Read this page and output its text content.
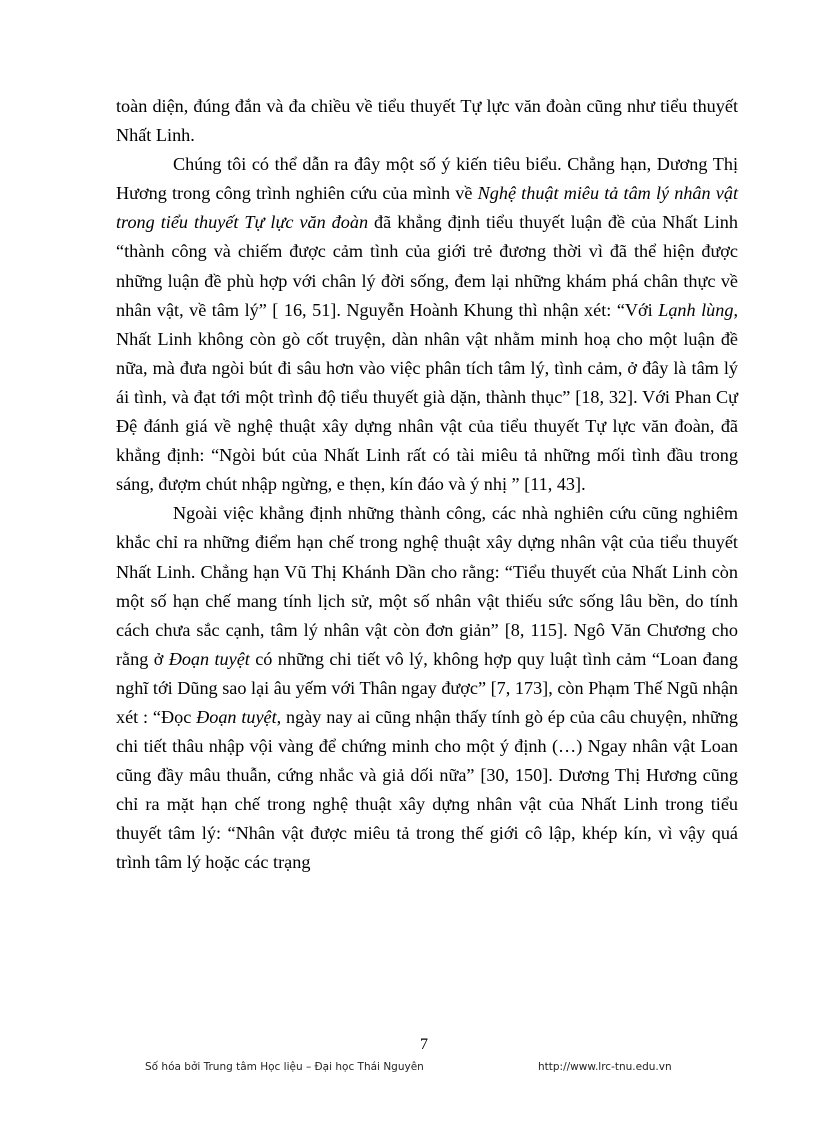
toàn diện, đúng đắn và đa chiều về tiểu thuyết Tự lực văn đoàn cũng như tiểu thuyết Nhất Linh.

Chúng tôi có thể dẫn ra đây một số ý kiến tiêu biểu. Chẳng hạn, Dương Thị Hương trong công trình nghiên cứu của mình về Nghệ thuật miêu tả tâm lý nhân vật trong tiểu thuyết Tự lực văn đoàn đã khẳng định tiểu thuyết luận đề của Nhất Linh “thành công và chiếm được cảm tình của giới trẻ đương thời vì đã thể hiện được những luận đề phù hợp với chân lý đời sống, đem lại những khám phá chân thực về nhân vật, về tâm lý” [ 16, 51]. Nguyễn Hoành Khung thì nhận xét: “Với Lạnh lùng, Nhất Linh không còn gò cốt truyện, dàn nhân vật nhằm minh hoạ cho một luận đề nữa, mà đưa ngòi bút đi sâu hơn vào việc phân tích tâm lý, tình cảm, ở đây là tâm lý ái tình, và đạt tới một trình độ tiểu thuyết già dặn, thành thục” [18, 32]. Với Phan Cự Đệ đánh giá về nghệ thuật xây dựng nhân vật của tiểu thuyết Tự lực văn đoàn, đã khẳng định: “Ngòi bút của Nhất Linh rất có tài miêu tả những mối tình đầu trong sáng, đượm chút nhập ngừng, e thẹn, kín đáo và ý nhị ” [11, 43].

Ngoài việc khẳng định những thành công, các nhà nghiên cứu cũng nghiêm khắc chỉ ra những điểm hạn chế trong nghệ thuật xây dựng nhân vật của tiểu thuyết Nhất Linh. Chẳng hạn Vũ Thị Khánh Dần cho rằng: “Tiểu thuyết của Nhất Linh còn một số hạn chế mang tính lịch sử, một số nhân vật thiếu sức sống lâu bền, do tính cách chưa sắc cạnh, tâm lý nhân vật còn đơn giản” [8, 115]. Ngô Văn Chương cho rằng ở Đoạn tuyệt có những chi tiết vô lý, không hợp quy luật tình cảm “Loan đang nghĩ tới Dũng sao lại âu yếm với Thân ngay được” [7, 173], còn Phạm Thế Ngũ nhận xét : “Đọc Đoạn tuyệt, ngày nay ai cũng nhận thấy tính gò ép của câu chuyện, những chi tiết thâu nhập vội vàng để chứng minh cho một ý định (…) Ngay nhân vật Loan cũng đầy mâu thuẫn, cứng nhắc và giả dối nữa” [30, 150]. Dương Thị Hương cũng chỉ ra mặt hạn chế trong nghệ thuật xây dựng nhân vật của Nhất Linh trong tiểu thuyết tâm lý: “Nhân vật được miêu tả trong thế giới cô lập, khép kín, vì vậy quá trình tâm lý hoặc các trạng

7
Số hóa bởi Trung tâm Học liệu – Đại học Thái Nguyên	http://www.lrc-tnu.edu.vn
